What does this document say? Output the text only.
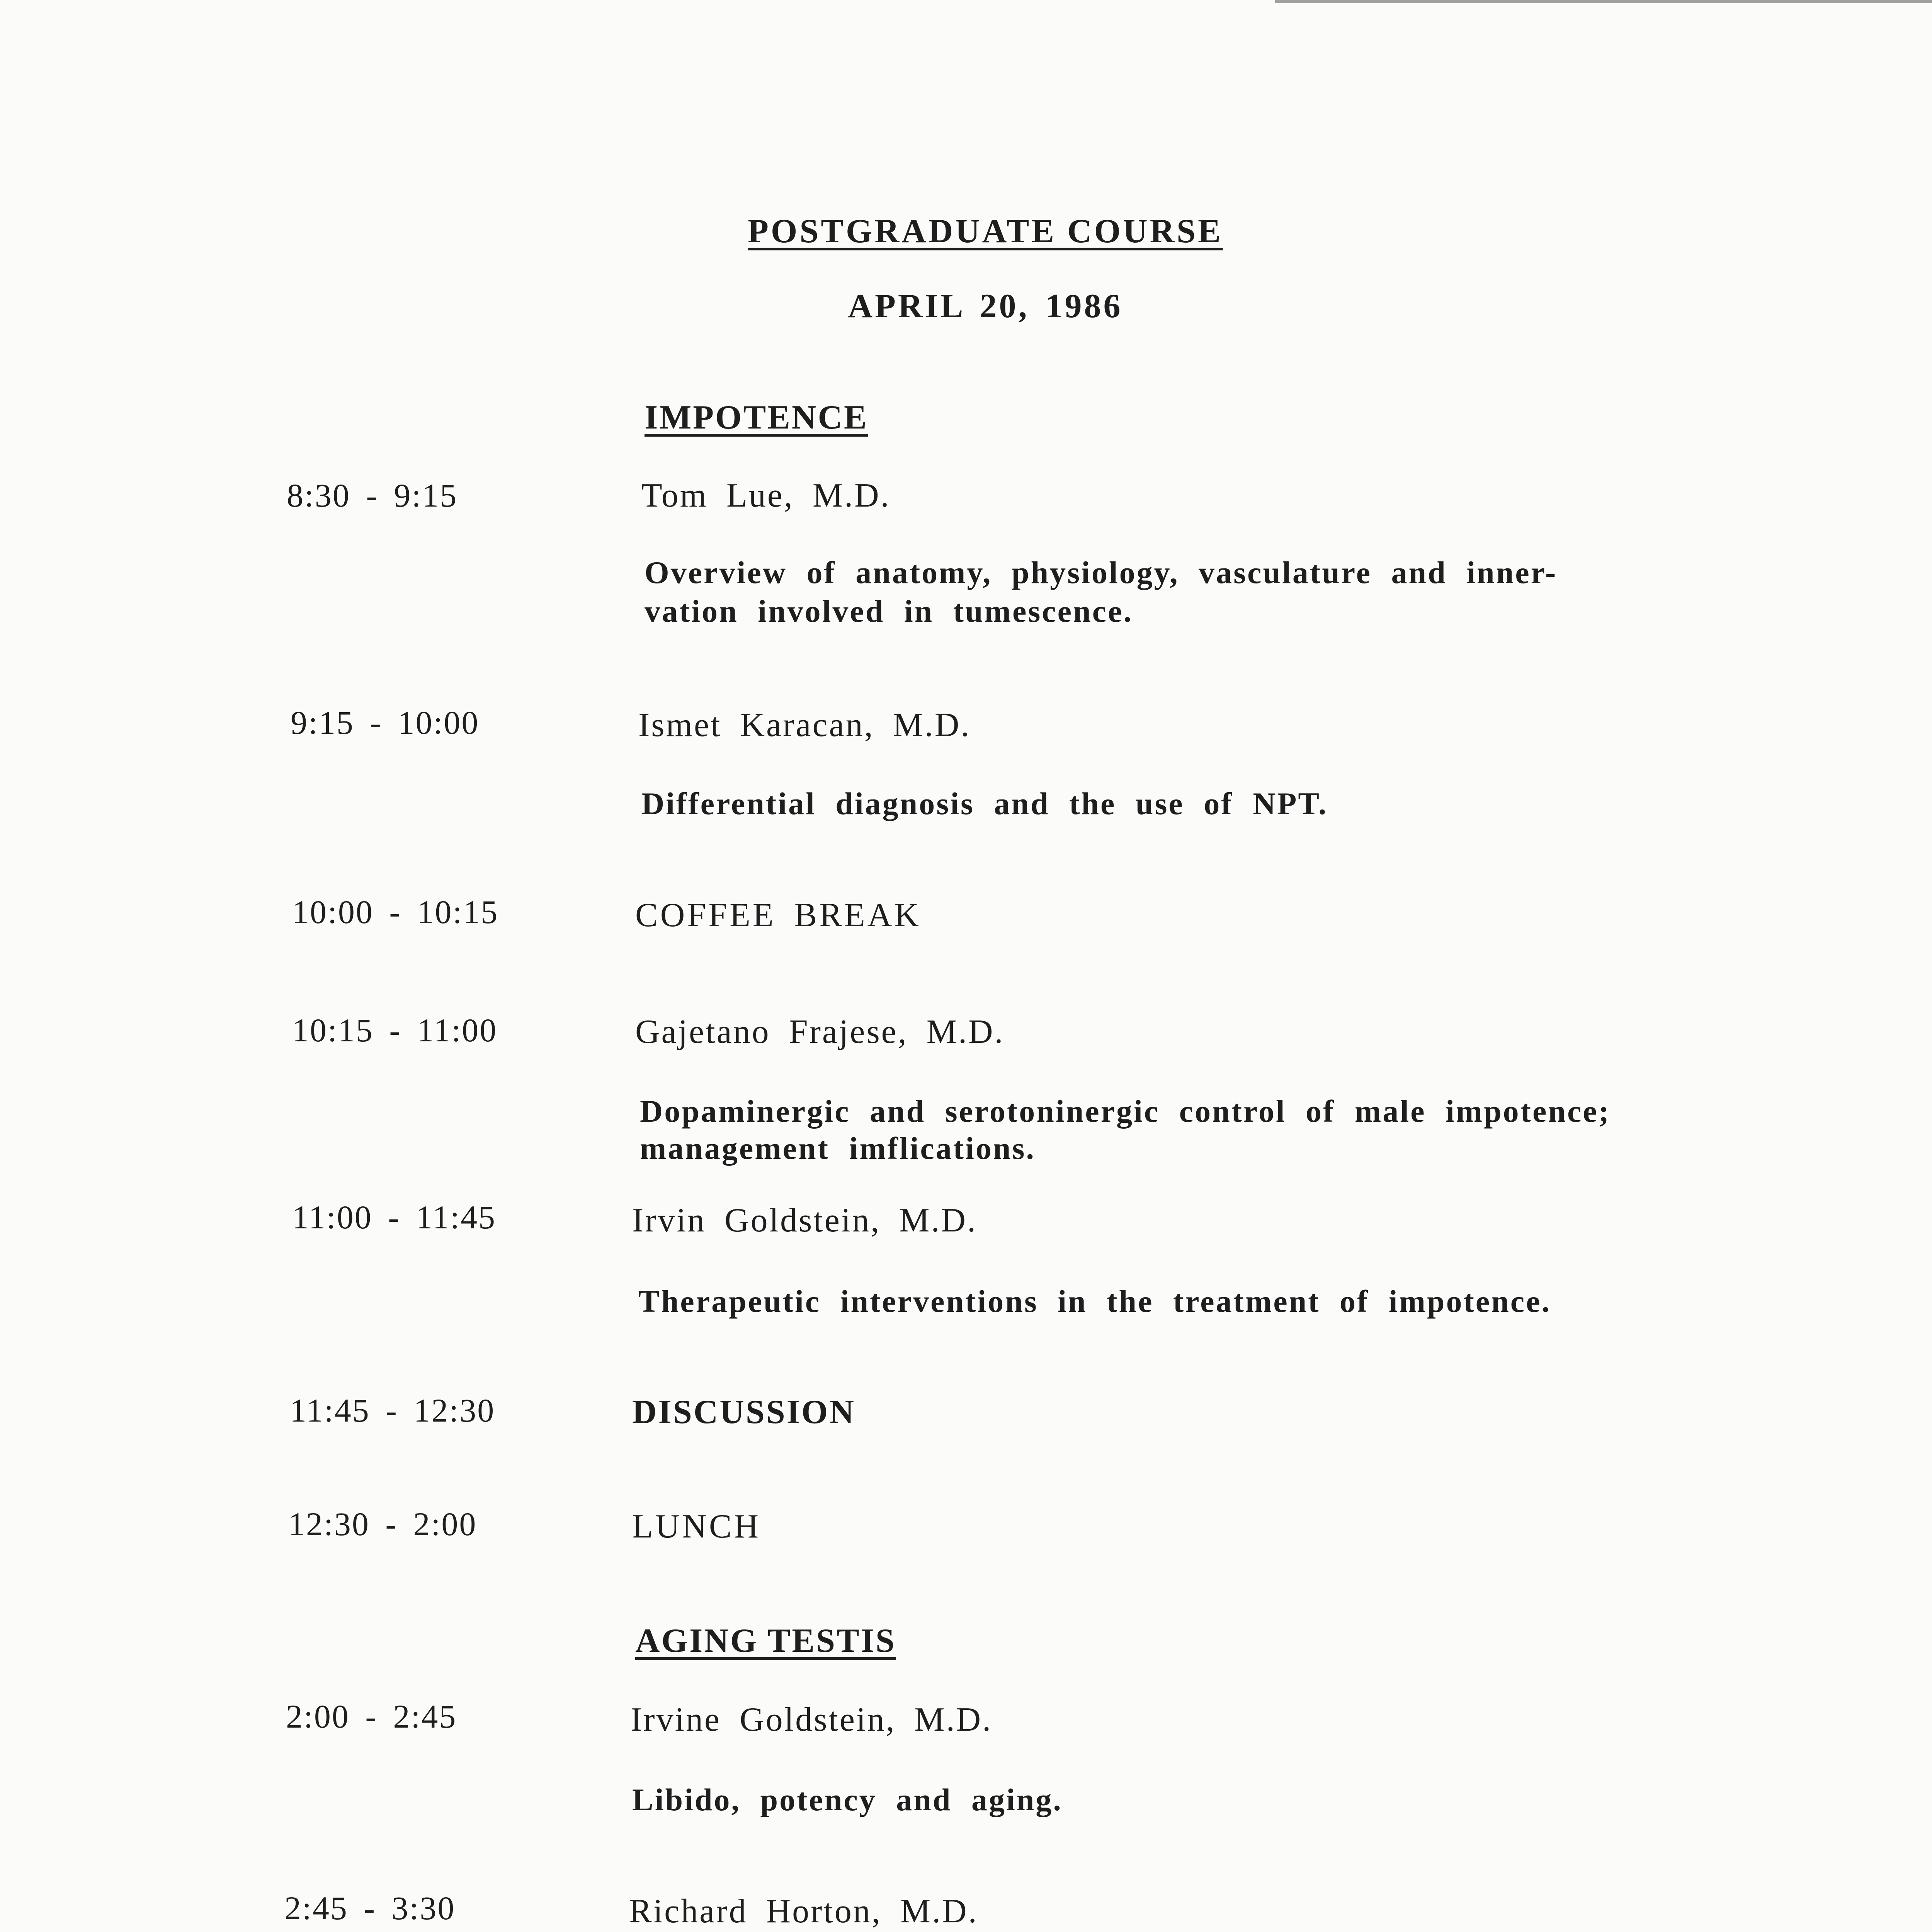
POSTGRADUATE COURSE
APRIL 20, 1986
IMPOTENCE
8:30 - 9:15	Tom Lue, M.D.
Overview of anatomy, physiology, vasculature and inner-
vation involved in tumescence.
9:15 - 10:00	Ismet Karacan, M.D.
Differential diagnosis and the use of NPT.
10:00 - 10:15	COFFEE BREAK
10:15 - 11:00	Gajetano Frajese, M.D.
Dopaminergic and serotoninergic control of male impotence;
management imflications.
11:00 - 11:45	Irvin Goldstein, M.D.
Therapeutic interventions in the treatment of impotence.
11:45 - 12:30	DISCUSSION
12:30 - 2:00	LUNCH
AGING TESTIS
2:00 - 2:45	Irvine Goldstein, M.D.
Libido, potency and aging.
2:45 - 3:30	Richard Horton, M.D.
